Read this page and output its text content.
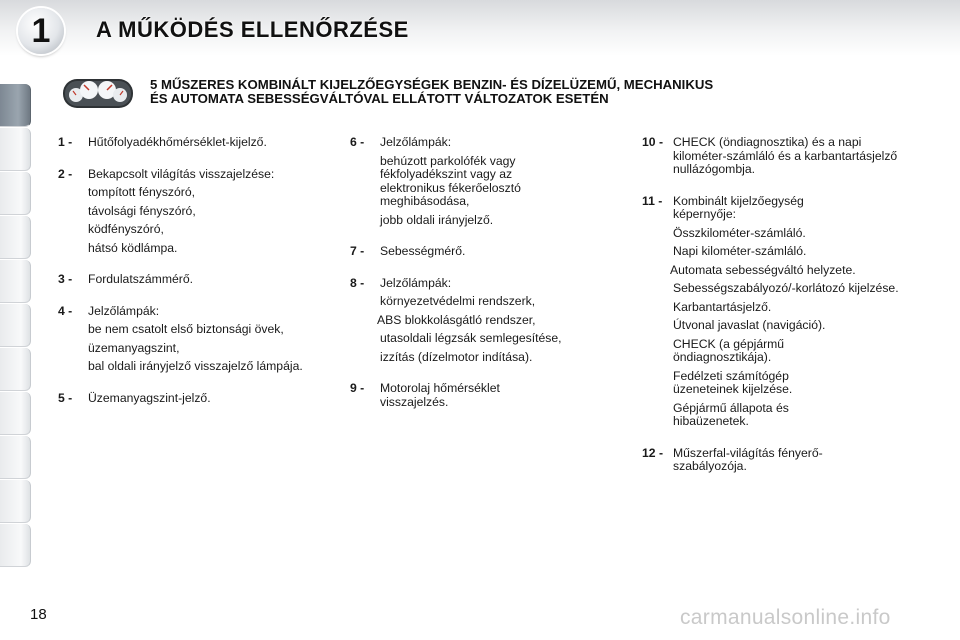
1 A MŰKÖDÉS ELLENŐRZÉSE
5 MŰSZERES KOMBINÁLT KIJELZŐEGYSÉGEK BENZIN- ÉS DÍZELÜZEMŰ, MECHANIKUS
ÉS AUTOMATA SEBESSÉGVÁLTÓVAL ELLÁTOTT VÁLTOZATOK ESETÉN
1 - Hűtőfolyadékhőmérséklet-kijelző.
2 - Bekapcsolt világítás visszajelzése:
tompított fényszóró,
távolsági fényszóró,
ködfényszóró,
hátsó ködlámpa.
3 - Fordulatszámmérő.
4 - Jelzőlámpák:
be nem csatolt első biztonsági övek,
üzemanyagszint,
bal oldali irányjelző visszajelző lámpája.
5 - Üzemanyagszint-jelző.
6 - Jelzőlámpák:
behúzott parkolófék vagy fékfolyadékszint vagy az elektronikus fékerőelosztó meghibásodása,
jobb oldali irányjelző.
7 - Sebességmérő.
8 - Jelzőlámpák:
környezetvédelmi rendszerk,
ABS blokkolásgátló rendszer,
utasoldali légzsák semlegesítése,
izzítás (dízelmotor indítása).
9 - Motorolaj hőmérséklet visszajelzés.
10 - CHECK (öndiagnosztika) és a napi kilométer-számláló és a karbantartásjelző nullázógombja.
11 - Kombinált kijelzőegység képernyője:
Összkilométer-számláló.
Napi kilométer-számláló.
Automata sebességváltó helyzete.
Sebességszabályozó/-korlátozó kijelzése.
Karbantartásjelző.
Útvonal javaslat (navigáció).
CHECK (a gépjármű öndiagnosztikája).
Fedélzeti számítógép üzeneteinek kijelzése.
Gépjármű állapota és hibaüzenetek.
12 - Műszerfal-világítás fényerő-szabályozója.
18	carmanualsonline.info
